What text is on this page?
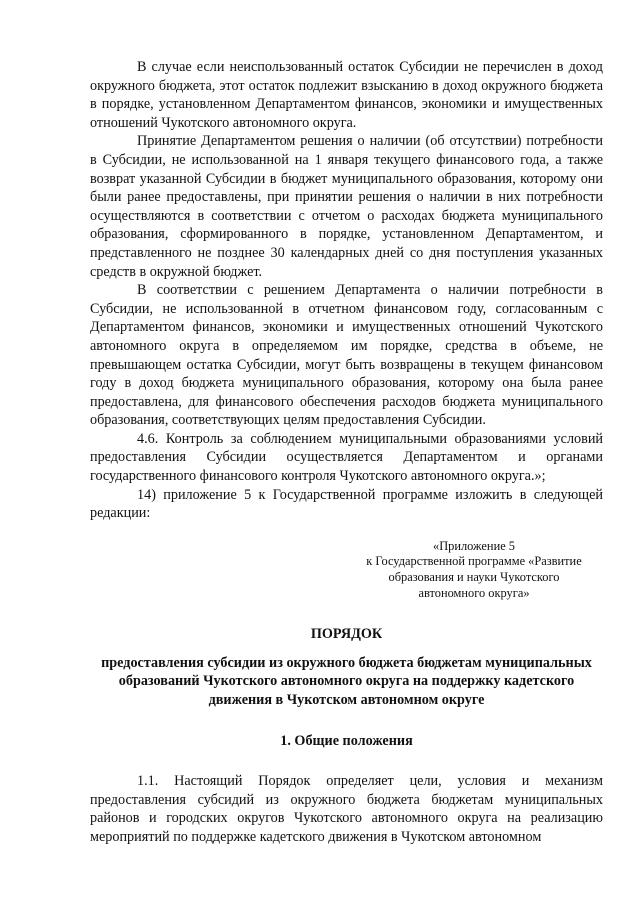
В случае если неиспользованный остаток Субсидии не перечислен в доход окружного бюджета, этот остаток подлежит взысканию в доход окружного бюджета в порядке, установленном Департаментом финансов, экономики и имущественных отношений Чукотского автономного округа.

Принятие Департаментом решения о наличии (об отсутствии) потребности в Субсидии, не использованной на 1 января текущего финансового года, а также возврат указанной Субсидии в бюджет муниципального образования, которому они были ранее предоставлены, при принятии решения о наличии в них потребности осуществляются в соответствии с отчетом о расходах бюджета муниципального образования, сформированного в порядке, установленном Департаментом, и представленного не позднее 30 календарных дней со дня поступления указанных средств в окружной бюджет.

В соответствии с решением Департамента о наличии потребности в Субсидии, не использованной в отчетном финансовом году, согласованным с Департаментом финансов, экономики и имущественных отношений Чукотского автономного округа в определяемом им порядке, средства в объеме, не превышающем остатка Субсидии, могут быть возвращены в текущем финансовом году в доход бюджета муниципального образования, которому она была ранее предоставлена, для финансового обеспечения расходов бюджета муниципального образования, соответствующих целям предоставления Субсидии.

4.6. Контроль за соблюдением муниципальными образованиями условий предоставления Субсидии осуществляется Департаментом и органами государственного финансового контроля Чукотского автономного округа.»;

14) приложение 5 к Государственной программе изложить в следующей редакции:

«Приложение 5
к Государственной программе «Развитие
образования и науки Чукотского
автономного округа»
ПОРЯДОК
предоставления субсидии из окружного бюджета бюджетам муниципальных образований Чукотского автономного округа на поддержку кадетского движения в Чукотском автономном округе
1. Общие положения

1.1. Настоящий Порядок определяет цели, условия и механизм предоставления субсидий из окружного бюджета бюджетам муниципальных районов и городских округов Чукотского автономного округа на реализацию мероприятий по поддержке кадетского движения в Чукотском автономном
